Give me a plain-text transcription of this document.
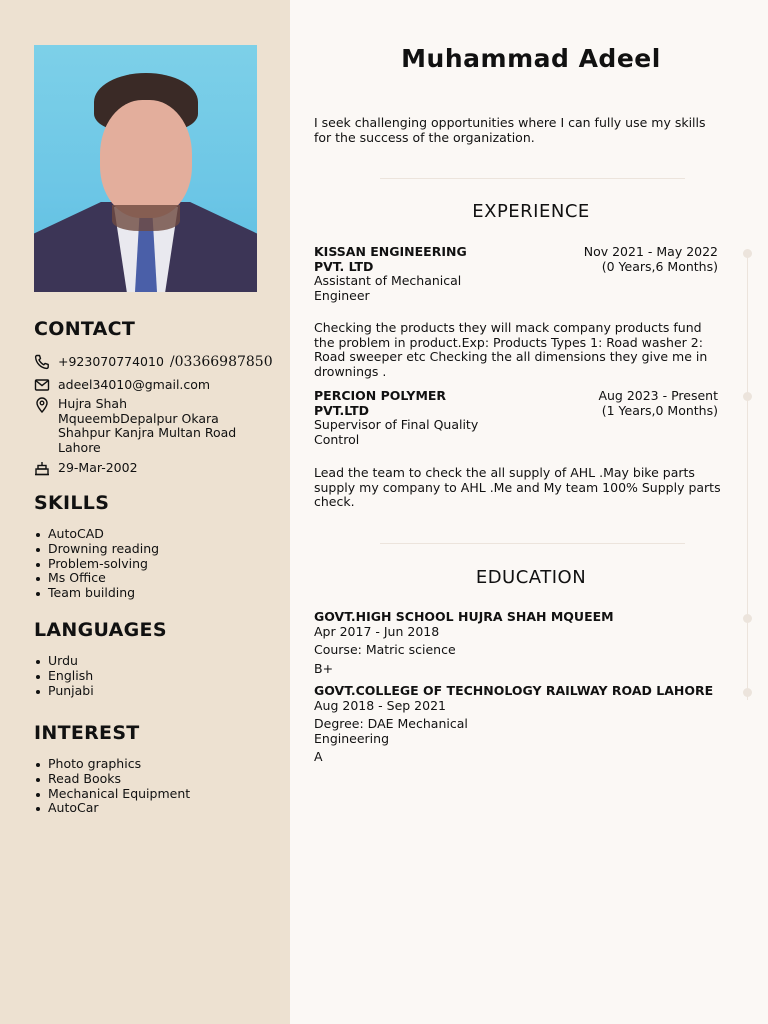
CONTACT
+923070774010 /03366987850
adeel34010@gmail.com
Hujra Shah MqueembDepalpur Okara Shahpur Kanjra Multan Road Lahore
29-Mar-2002
SKILLS
AutoCAD
Drowning reading
Problem-solving
Ms Office
Team building
LANGUAGES
Urdu
English
Punjabi
INTEREST
Photo graphics
Read Books
Mechanical Equipment
AutoCar
Muhammad Adeel
I seek challenging opportunities where I can fully use my skills for the success of the organization.
EXPERIENCE
KISSAN ENGINEERING PVT. LTD
Nov 2021 - May 2022
(0 Years,6 Months)
Assistant of Mechanical Engineer
Checking the products they will mack company products fund the problem in product.Exp: Products Types 1: Road washer 2: Road sweeper etc Checking the all dimensions they give me in drownings .
PERCION POLYMER PVT.LTD
Aug 2023 - Present
(1 Years,0 Months)
Supervisor of Final Quality Control
Lead the team to check the all supply of AHL .May bike parts supply my company to AHL .Me and My team 100% Supply parts check.
EDUCATION
GOVT.HIGH SCHOOL HUJRA SHAH MQUEEM
Apr 2017 - Jun 2018
Course: Matric science
B+
GOVT.COLLEGE OF TECHNOLOGY RAILWAY ROAD LAHORE
Aug 2018 - Sep 2021
Degree: DAE Mechanical Engineering
A
